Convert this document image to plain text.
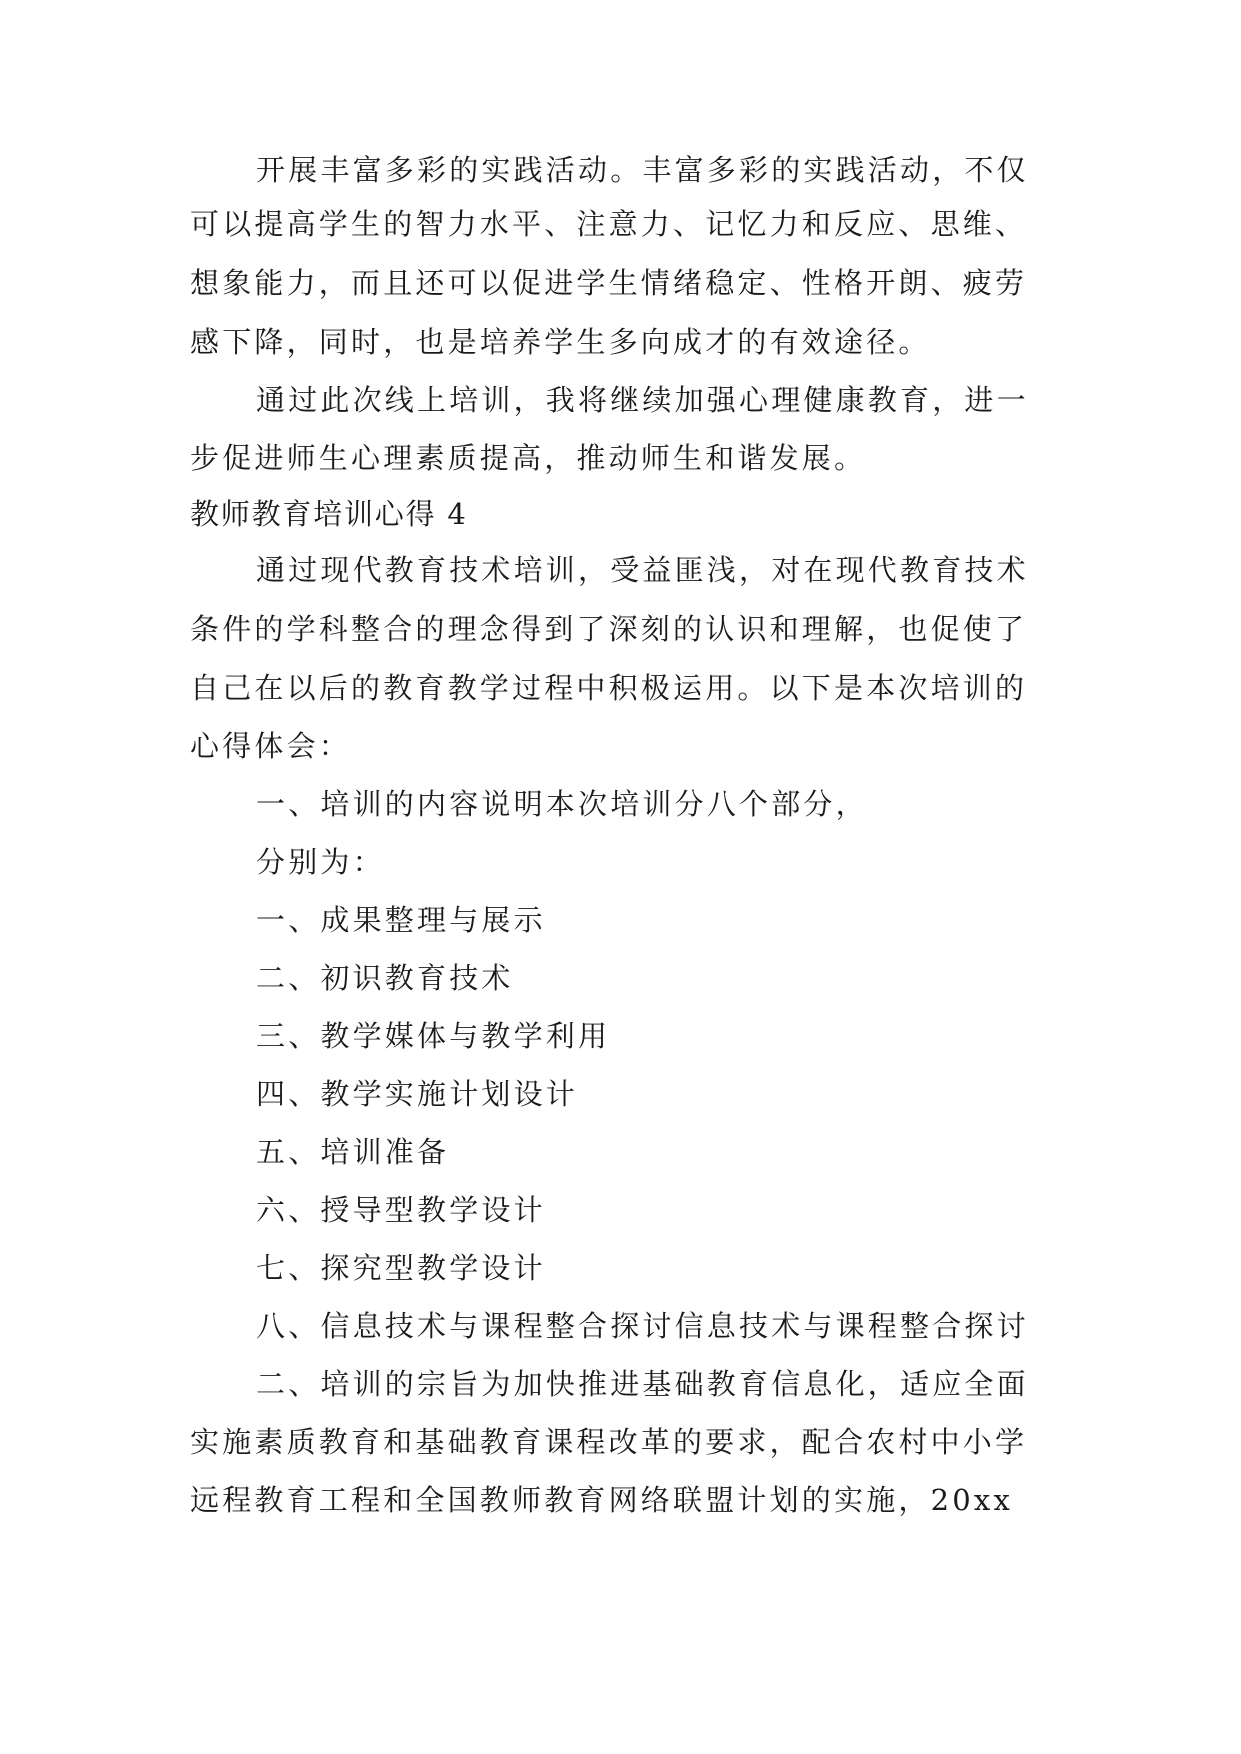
开展丰富多彩的实践活动。丰富多彩的实践活动，不仅
可以提高学生的智力水平、注意力、记忆力和反应、思维、
想象能力，而且还可以促进学生情绪稳定、性格开朗、疲劳
感下降，同时，也是培养学生多向成才的有效途径。
通过此次线上培训，我将继续加强心理健康教育，进一
步促进师生心理素质提高，推动师生和谐发展。
教师教育培训心得 4
通过现代教育技术培训，受益匪浅，对在现代教育技术
条件的学科整合的理念得到了深刻的认识和理解，也促使了
自己在以后的教育教学过程中积极运用。以下是本次培训的
心得体会：
一、培训的内容说明本次培训分八个部分，
分别为：
一、成果整理与展示
二、初识教育技术
三、教学媒体与教学利用
四、教学实施计划设计
五、培训准备
六、授导型教学设计
七、探究型教学设计
八、信息技术与课程整合探讨信息技术与课程整合探讨
二、培训的宗旨为加快推进基础教育信息化，适应全面
实施素质教育和基础教育课程改革的要求，配合农村中小学
远程教育工程和全国教师教育网络联盟计划的实施，20xx
